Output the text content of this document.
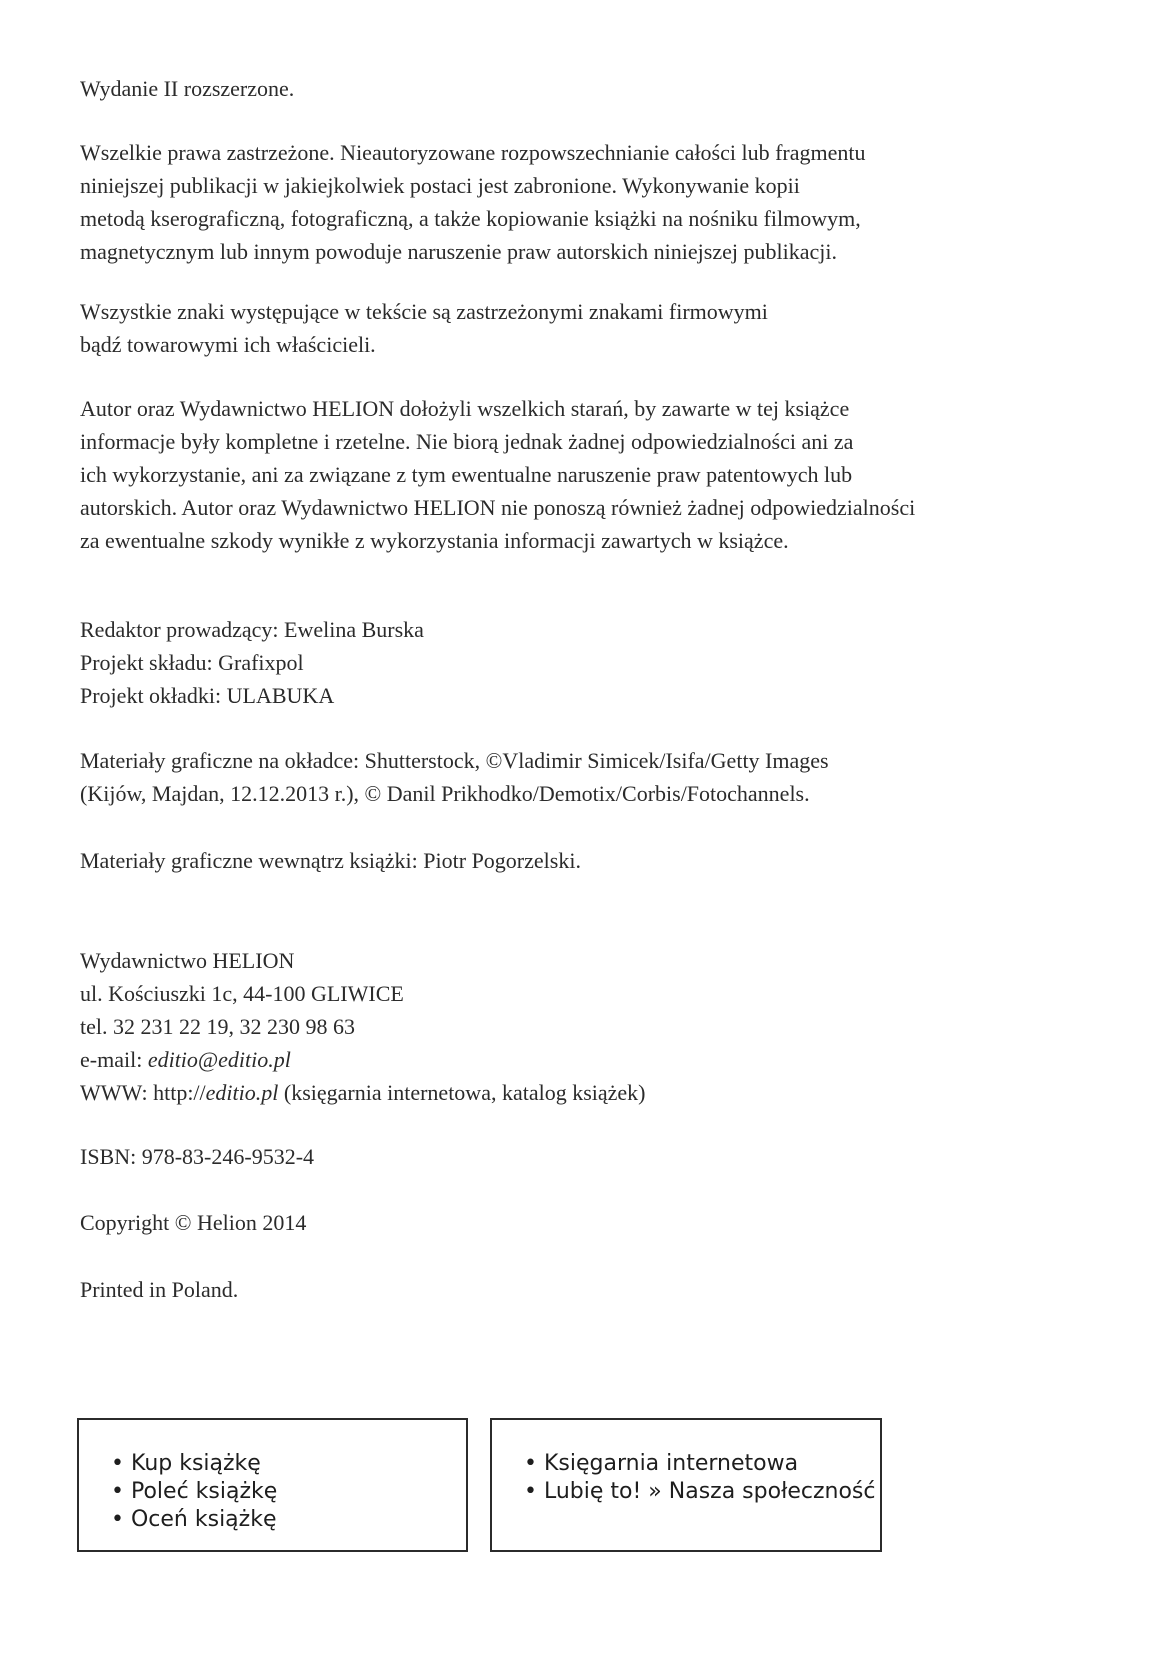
Wydanie II rozszerzone.
Wszelkie prawa zastrzeżone. Nieautoryzowane rozpowszechnianie całości lub fragmentu
niniejszej publikacji w jakiejkolwiek postaci jest zabronione. Wykonywanie kopii
metodą kserograficzną, fotograficzną, a także kopiowanie książki na nośniku filmowym,
magnetycznym lub innym powoduje naruszenie praw autorskich niniejszej publikacji.
Wszystkie znaki występujące w tekście są zastrzeżonymi znakami firmowymi
bądź towarowymi ich właścicieli.
Autor oraz Wydawnictwo HELION dołożyli wszelkich starań, by zawarte w tej książce
informacje były kompletne i rzetelne. Nie biorą jednak żadnej odpowiedzialności ani za
ich wykorzystanie, ani za związane z tym ewentualne naruszenie praw patentowych lub
autorskich. Autor oraz Wydawnictwo HELION nie ponoszą również żadnej odpowiedzialności
za ewentualne szkody wynikłe z wykorzystania informacji zawartych w książce.
Redaktor prowadzący: Ewelina Burska
Projekt składu: Grafixpol
Projekt okładki: ULABUKA
Materiały graficzne na okładce: Shutterstock, ©Vladimir Simicek/Isifa/Getty Images
(Kijów, Majdan, 12.12.2013 r.), © Danil Prikhodko/Demotix/Corbis/Fotochannels.
Materiały graficzne wewnątrz książki: Piotr Pogorzelski.
Wydawnictwo HELION
ul. Kościuszki 1c, 44-100 GLIWICE
tel. 32 231 22 19, 32 230 98 63
e-mail: editio@editio.pl
WWW: http://editio.pl (księgarnia internetowa, katalog książek)
ISBN: 978-83-246-9532-4
Copyright © Helion 2014
Printed in Poland.
• Kup książkę
• Poleć książkę
• Oceń książkę
• Księgarnia internetowa
• Lubię to! » Nasza społeczność
